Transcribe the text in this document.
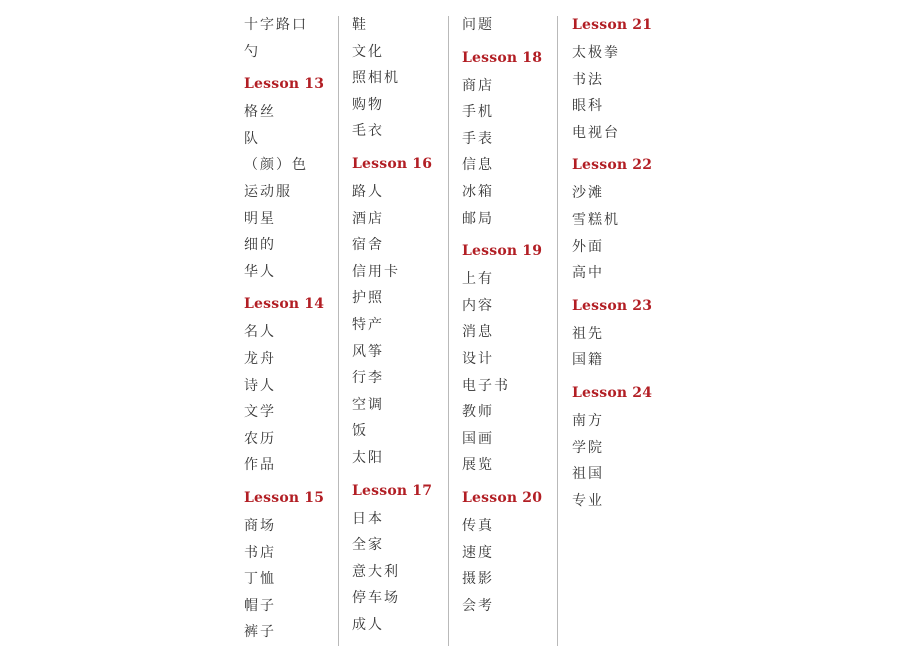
十字路口
勺
Lesson 13
格丝
队
（颜）色
运动服
明星
细的
华人
Lesson 14
名人
龙舟
诗人
文学
农历
作品
Lesson 15
商场
书店
丁恤
帽子
裤子
鞋
文化
照相机
购物
毛衣
Lesson 16
路人
酒店
宿舍
信用卡
护照
特产
风筝
行李
空调
饭
太阳
Lesson 17
日本
全家
意大利
停车场
成人
问题
Lesson 18
商店
手机
手表
信息
冰箱
邮局
Lesson 19
上有
内容
消息
设计
电子书
教师
国画
展览
Lesson 20
传真
速度
摄影
会考
Lesson 21
太极拳
书法
眼科
电视台
Lesson 22
沙滩
雪糕机
外面
高中
Lesson 23
祖先
国籍
Lesson 24
南方
学院
祖国
专业
